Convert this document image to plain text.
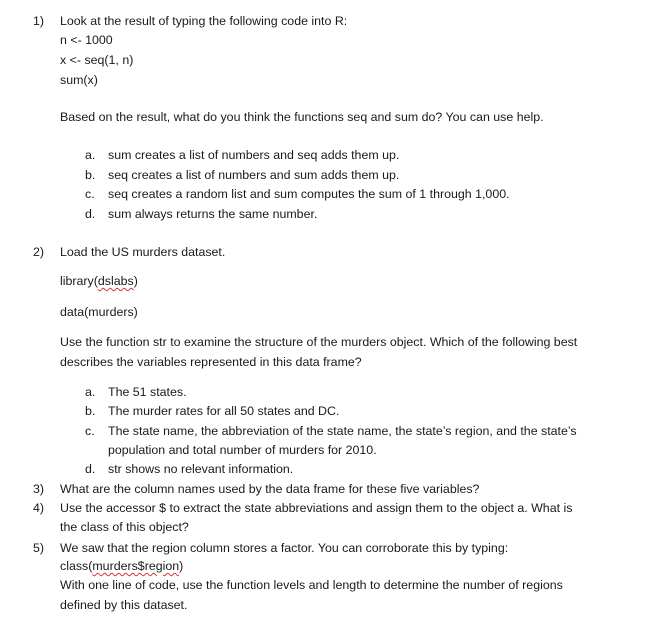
1) Look at the result of typing the following code into R:
n <- 1000
x <- seq(1, n)
sum(x)
Based on the result, what do you think the functions seq and sum do? You can use help.
a. sum creates a list of numbers and seq adds them up.
b. seq creates a list of numbers and sum adds them up.
c. seq creates a random list and sum computes the sum of 1 through 1,000.
d. sum always returns the same number.
2) Load the US murders dataset.
library(dslabs)
data(murders)
Use the function str to examine the structure of the murders object. Which of the following best
describes the variables represented in this data frame?
a. The 51 states.
b. The murder rates for all 50 states and DC.
c. The state name, the abbreviation of the state name, the state’s region, and the state’s
population and total number of murders for 2010.
d. str shows no relevant information.
3) What are the column names used by the data frame for these five variables?
4) Use the accessor $ to extract the state abbreviations and assign them to the object a. What is
the class of this object?
5) We saw that the region column stores a factor. You can corroborate this by typing:
class(murders$region)
With one line of code, use the function levels and length to determine the number of regions
defined by this dataset.
